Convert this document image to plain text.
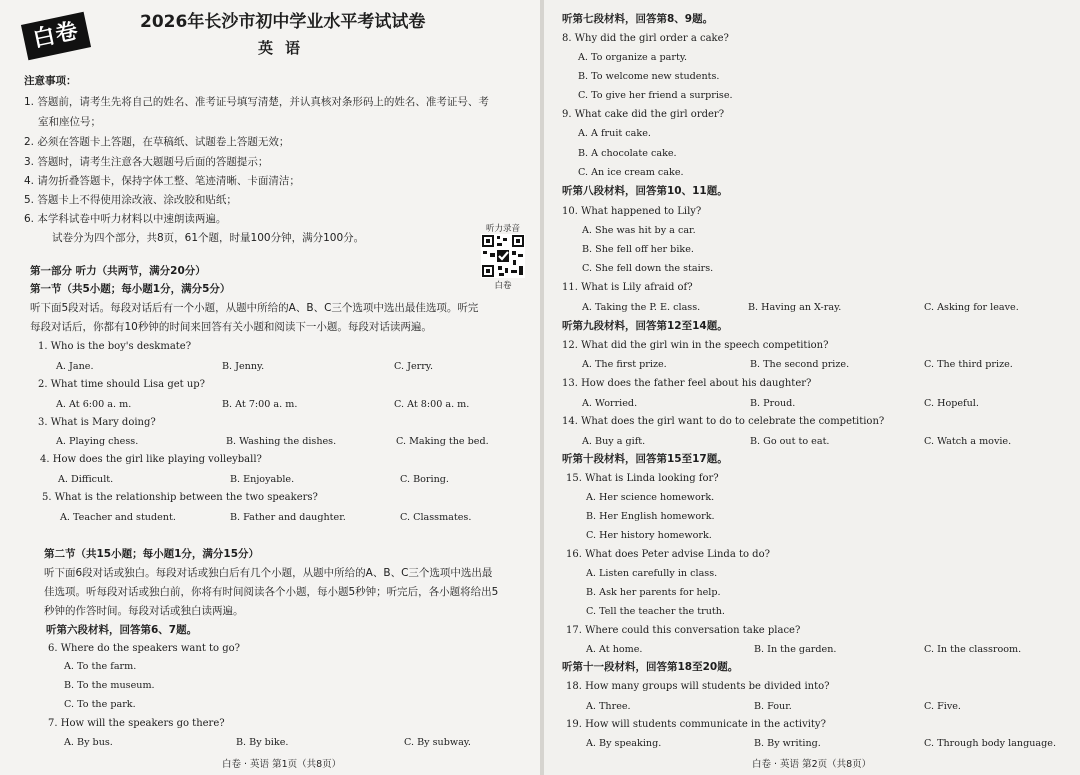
白卷	2026年长沙市初中学业水平考试试卷
英语
注意事项：
1. 答题前，请考生先将自己的姓名、准考证号填写清楚，并认真核对条形码上的姓名、准考证号、考
室和座位号；
2. 必须在答题卡上答题，在草稿纸、试题卷上答题无效；
3. 答题时，请考生注意各大题题号后面的答题提示；
4. 请勿折叠答题卡，保持字体工整、笔迹清晰、卡面清洁；
5. 答题卡上不得使用涂改液、涂改胶和贴纸；
6. 本学科试卷中听力材料以中速朗读两遍。
试卷分为四个部分，共8页，61个题，时量100分钟，满分100分。
听力录音
白卷
第一部分 听力（共两节，满分20分）
第一节（共5小题；每小题1分，满分5分）
听下面5段对话。每段对话后有一个小题，从题中所给的A、B、C三个选项中选出最佳选项。听完
每段对话后，你都有10秒钟的时间来回答有关小题和阅读下一小题。每段对话读两遍。
1. Who is the boy's deskmate?
A. Jane.	B. Jenny.	C. Jerry.
2. What time should Lisa get up?
A. At 6:00 a. m.	B. At 7:00 a. m.	C. At 8:00 a. m.
3. What is Mary doing?
A. Playing chess.	B. Washing the dishes.	C. Making the bed.
4. How does the girl like playing volleyball?
A. Difficult.	B. Enjoyable.	C. Boring.
5. What is the relationship between the two speakers?
A. Teacher and student.	B. Father and daughter.	C. Classmates.
第二节（共15小题；每小题1分，满分15分）
听下面6段对话或独白。每段对话或独白后有几个小题，从题中所给的A、B、C三个选项中选出最
佳选项。听每段对话或独白前，你将有时间阅读各个小题，每小题5秒钟；听完后，各小题将给出5
秒钟的作答时间。每段对话或独白读两遍。
听第六段材料，回答第6、7题。
6. Where do the speakers want to go?
A. To the farm.
B. To the museum.
C. To the park.
7. How will the speakers go there?
A. By bus.	B. By bike.	C. By subway.
白卷 · 英语 第1页（共8页）
听第七段材料，回答第8、9题。
8. Why did the girl order a cake?
A. To organize a party.
B. To welcome new students.
C. To give her friend a surprise.
9. What cake did the girl order?
A. A fruit cake.
B. A chocolate cake.
C. An ice cream cake.
听第八段材料，回答第10、11题。
10. What happened to Lily?
A. She was hit by a car.
B. She fell off her bike.
C. She fell down the stairs.
11. What is Lily afraid of?
A. Taking the P. E. class.	B. Having an X-ray.	C. Asking for leave.
听第九段材料，回答第12至14题。
12. What did the girl win in the speech competition?
A. The first prize.	B. The second prize.	C. The third prize.
13. How does the father feel about his daughter?
A. Worried.	B. Proud.	C. Hopeful.
14. What does the girl want to do to celebrate the competition?
A. Buy a gift.	B. Go out to eat.	C. Watch a movie.
听第十段材料，回答第15至17题。
15. What is Linda looking for?
A. Her science homework.
B. Her English homework.
C. Her history homework.
16. What does Peter advise Linda to do?
A. Listen carefully in class.
B. Ask her parents for help.
C. Tell the teacher the truth.
17. Where could this conversation take place?
A. At home.	B. In the garden.	C. In the classroom.
听第十一段材料，回答第18至20题。
18. How many groups will students be divided into?
A. Three.	B. Four.	C. Five.
19. How will students communicate in the activity?
A. By speaking.	B. By writing.	C. Through body language.
白卷 · 英语 第2页（共8页）
